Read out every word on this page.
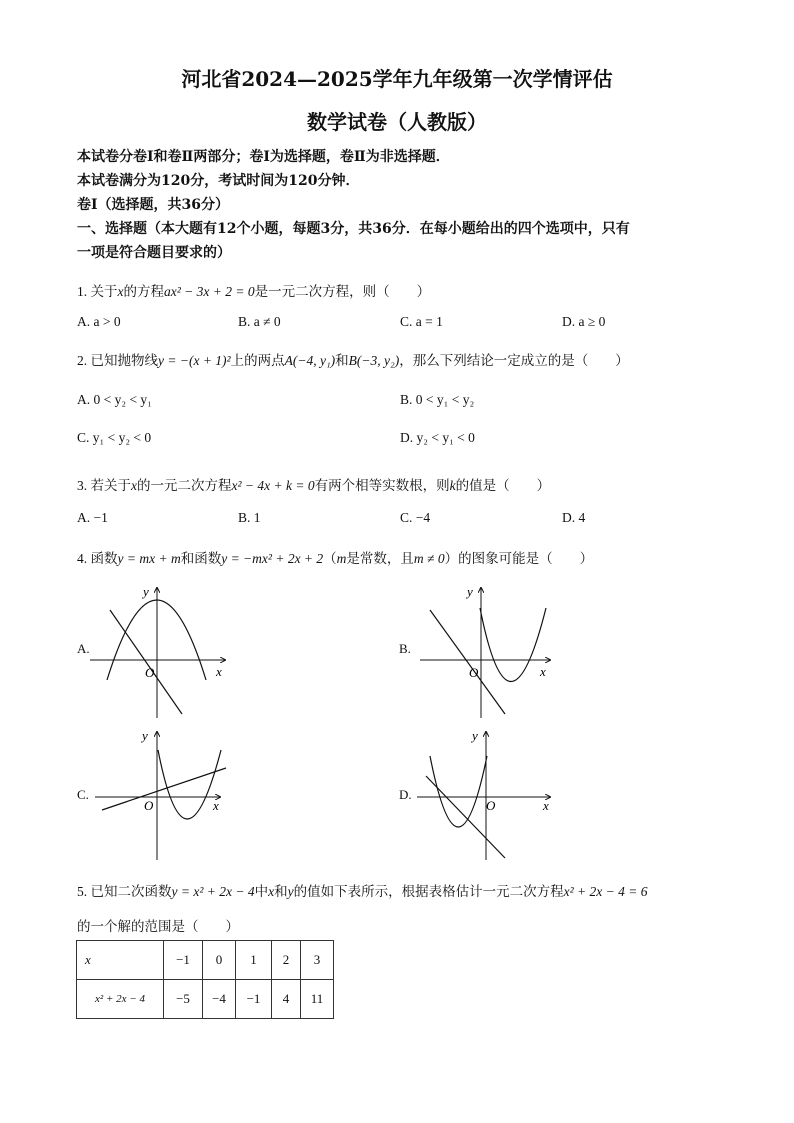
河北省2024—2025学年九年级第一次学情评估
数学试卷（人教版）
本试卷分卷Ⅰ和卷Ⅱ两部分；卷Ⅰ为选择题，卷Ⅱ为非选择题．
本试卷满分为120分，考试时间为120分钟．
卷Ⅰ（选择题，共36分）
一、选择题（本大题有12个小题，每题3分，共36分．在每小题给出的四个选项中，只有
一项是符合题目要求的）
1. 关于x的方程ax² − 3x + 2 = 0是一元二次方程，则（　　）
A. a > 0	B. a ≠ 0	C. a = 1	D. a ≥ 0
2. 已知抛物线y = −(x + 1)²上的两点A(−4, y₁)和B(−3, y₂)，那么下列结论一定成立的是（　　）
A. 0 < y₂ < y₁	B. 0 < y₁ < y₂
C. y₁ < y₂ < 0	D. y₂ < y₁ < 0
3. 若关于x的一元二次方程x² − 4x + k = 0有两个相等实数根，则k的值是（　　）
A. −1	B. 1	C. −4	D. 4
4. 函数y = mx + m和函数y = −mx² + 2x + 2（m是常数，且m ≠ 0）的图象可能是（　　）
A.	B.
C.	D.
O	x
y
O	x
y
O	x
y
O	x
y
5. 已知二次函数y = x² + 2x − 4中x和y的值如下表所示，根据表格估计一元二次方程x² + 2x − 4 = 6
的一个解的范围是（　　）
x	−1	0	1	2	3
x² + 2x − 4	−5	−4	−1	4	11
